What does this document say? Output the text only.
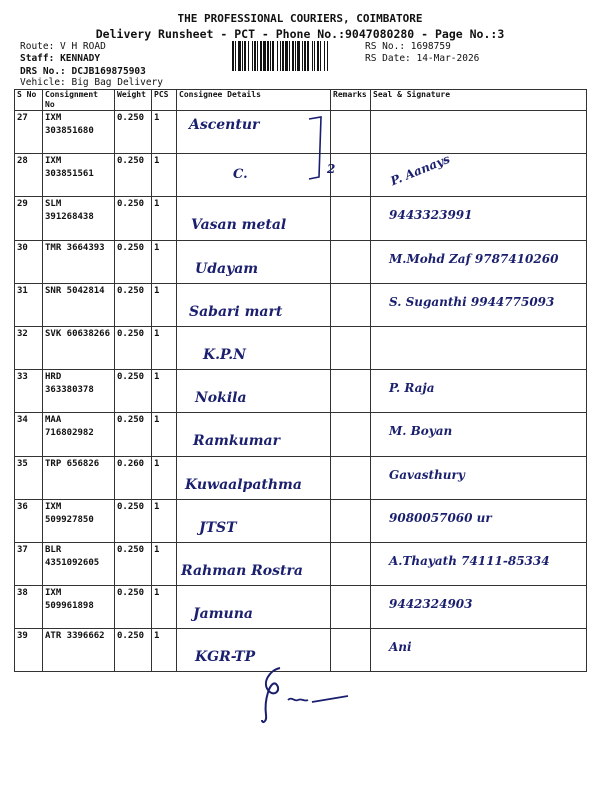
THE PROFESSIONAL COURIERS, COIMBATORE
Delivery Runsheet - PCT - Phone No.:9047080280 - Page No.:3
Route: V H ROAD
Staff: KENNADY
DRS No.: DCJB169875903
Vehicle: Big Bag Delivery
RS No.: 1698759
RS Date: 14-Mar-2026
S No	Consignment No	Weight	PCS	Consignee Details	Remarks	Seal & Signature
27	IXM 303851680	0.250	1	Ascentur
2		

28	IXM 303851561	0.250	1	C.		P. Aanays

29	SLM 391268438	0.250	1	Vasan metal		9443323991

30	TMR 3664393	0.250	1	Udayam		M.Mohd Zaf 9787410260

31	SNR 5042814	0.250	1	Sabari mart		S. Suganthi 9944775093

32	SVK 60638266	0.250	1	K.P.N		

33	HRD 363380378	0.250	1	Nokila		P. Raja

34	MAA 716802982	0.250	1	Ramkumar		M. Boyan

35	TRP 656826	0.260	1	Kuwaalpathma		Gavasthury

36	IXM 509927850	0.250	1	JTST		9080057060 ur

37	BLR 4351092605	0.250	1	Rahman Rostra		A.Thayath 74111-85334

38	IXM 509961898	0.250	1	Jamuna		9442324903

39	ATR 3396662	0.250	1	KGR-TP		Ani
